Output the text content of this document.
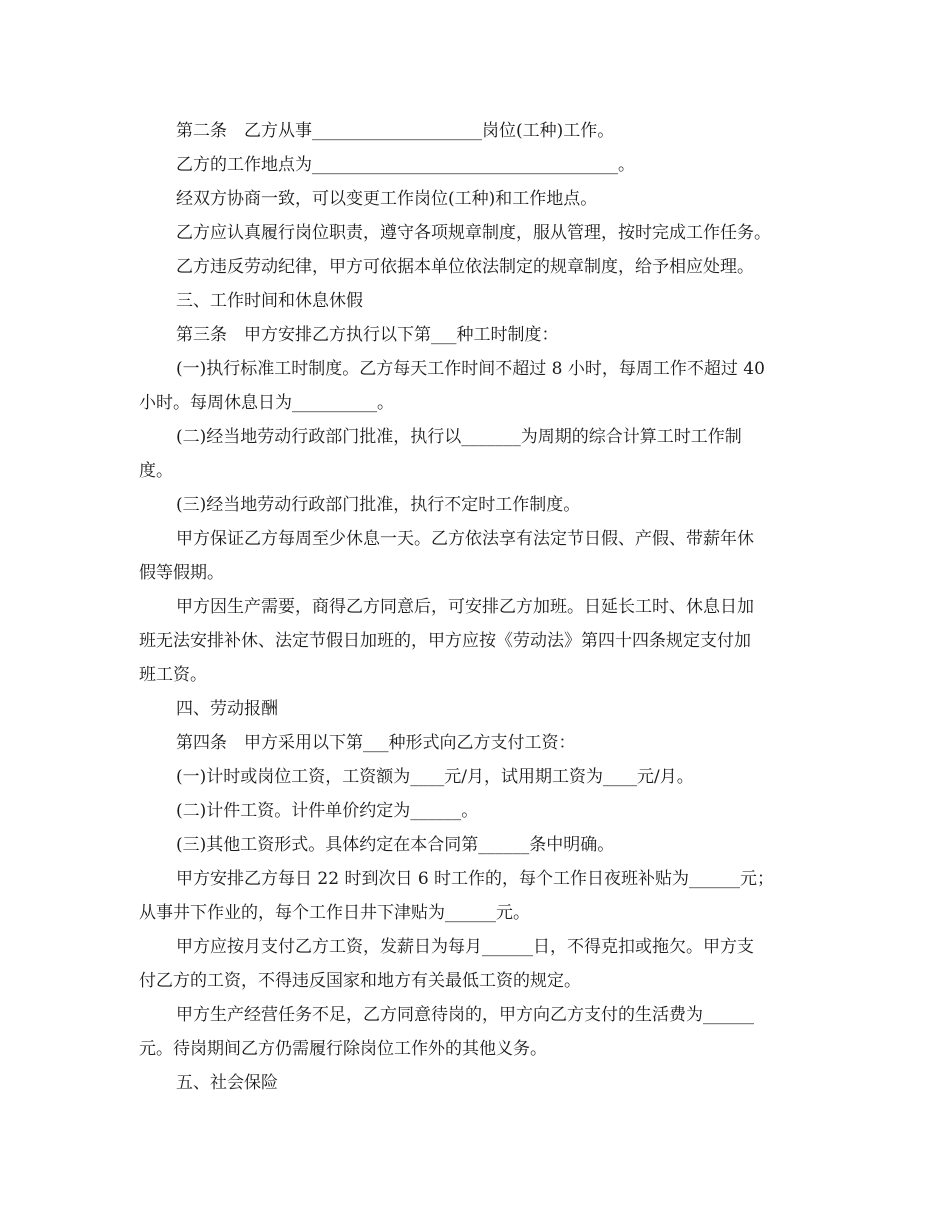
第二条　乙方从事____________________岗位(工种)工作。

乙方的工作地点为____________________________________。

经双方协商一致，可以变更工作岗位(工种)和工作地点。

乙方应认真履行岗位职责，遵守各项规章制度，服从管理，按时完成工作任务。

乙方违反劳动纪律，甲方可依据本单位依法制定的规章制度，给予相应处理。

三、工作时间和休息休假

第三条　甲方安排乙方执行以下第___种工时制度：

(一)执行标准工时制度。乙方每天工作时间不超过 8 小时，每周工作不超过 40

小时。每周休息日为__________。

(二)经当地劳动行政部门批准，执行以_______为周期的综合计算工时工作制

度。

(三)经当地劳动行政部门批准，执行不定时工作制度。

甲方保证乙方每周至少休息一天。乙方依法享有法定节日假、产假、带薪年休

假等假期。

甲方因生产需要，商得乙方同意后，可安排乙方加班。日延长工时、休息日加

班无法安排补休、法定节假日加班的，甲方应按《劳动法》第四十四条规定支付加

班工资。

四、劳动报酬

第四条　甲方采用以下第___种形式向乙方支付工资：

(一)计时或岗位工资，工资额为____元/月，试用期工资为____元/月。

(二)计件工资。计件单价约定为______。

(三)其他工资形式。具体约定在本合同第______条中明确。

甲方安排乙方每日 22 时到次日 6 时工作的，每个工作日夜班补贴为______元；

从事井下作业的，每个工作日井下津贴为______元。

甲方应按月支付乙方工资，发薪日为每月______日，不得克扣或拖欠。甲方支

付乙方的工资，不得违反国家和地方有关最低工资的规定。

甲方生产经营任务不足，乙方同意待岗的，甲方向乙方支付的生活费为______

元。待岗期间乙方仍需履行除岗位工作外的其他义务。

五、社会保险
